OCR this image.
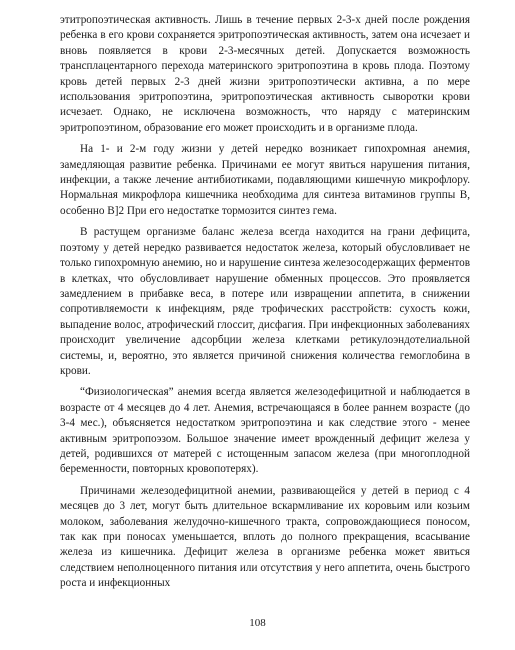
этитропоэтическая активность. Лишь в течение первых 2-3-х дней после рождения ребенка в его крови сохраняется эритропоэтическая активность, затем она исчезает и вновь появляется в крови 2-3-месячных детей. Допускается возможность трансплацентарного перехода материнского эритропоэтина в кровь плода. Поэтому кровь детей первых 2-3 дней жизни эритропоэтически активна, а по мере использования эритропоэтина, эритропоэтическая активность сыворотки крови исчезает. Однако, не исключена возможность, что наряду с материнским эритропоэтином, образование его может происходить и в организме плода.

На 1- и 2-м году жизни у детей нередко возникает гипохромная анемия, замедляющая развитие ребенка. Причинами ее могут явиться нарушения питания, инфекции, а также лечение антибиотиками, подавляющими кишечную микрофлору. Нормальная микрофлора кишечника необходима для синтеза витаминов группы В, особенно В]2 При его недостатке тормозится синтез гема.

В растущем организме баланс железа всегда находится на грани дефицита, поэтому у детей нередко развивается недостаток железа, который обусловливает не только гипохромную анемию, но и нарушение синтеза железосодержащих ферментов в клетках, что обусловливает нарушение обменных процессов. Это проявляется замедлением в прибавке веса, в потере или извращении аппетита, в снижении сопротивляемости к инфекциям, ряде трофических расстройств: сухость кожи, выпадение волос, атрофический глоссит, дисфагия. При инфекционных заболеваниях происходит увеличение адсорбции железа клетками ретикулоэндотелиальной системы, и, вероятно, это является причиной снижения количества гемоглобина в крови.

“Физиологическая” анемия всегда является железодефицитной и наблюдается в возрасте от 4 месяцев до 4 лет. Анемия, встречающаяся в более раннем возрасте (до 3-4 мес.), объясняется недостатком эритропоэтина и как следствие этого - менее активным эритропоэзом. Большое значение имеет врожденный дефицит железа у детей, родившихся от матерей с истощенным запасом железа (при многоплодной беременности, повторных кровопотерях).

Причинами железодефицитной анемии, развивающейся у детей в период с 4 месяцев до 3 лет, могут быть длительное вскармливание их коровьим или козьим молоком, заболевания желудочно-кишечного тракта, сопровождающиеся поносом, так как при поносах уменьшается, вплоть до полного прекращения, всасывание железа из кишечника. Дефицит железа в организме ребенка может явиться следствием неполноценного питания или отсутствия у него аппетита, очень быстрого роста и инфекционных

108
